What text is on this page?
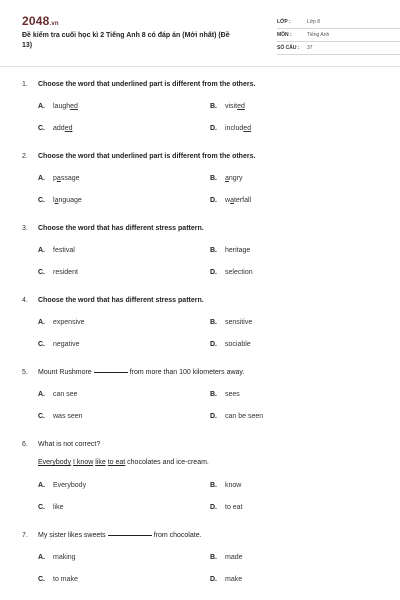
2048.vn
Đề kiểm tra cuối học kì 2 Tiếng Anh 8 có đáp án (Mới nhất) (Đề 13)
LỚP :	Lớp 8
MÔN :	Tiếng Anh
SỐ CÂU :	37
1.	Choose the word that underlined part is different from the others.
A.	laughed	B.	visited
C.	added	D.	included
2.	Choose the word that underlined part is different from the others.
A.	passage	B.	angry
C.	language	D.	waterfall
3.	Choose the word that has different stress pattern.
A.	festival	B.	heritage
C.	resident	D.	selection
4.	Choose the word that has different stress pattern.
A.	expensive	B.	sensitive
C.	negative	D.	sociable
5.	Mount Rushmore	from more than 100 kilometers away.
A.	can see	B.	sees
C.	was seen	D.	can be seen
6.	What is not correct?
Everybody I know like to eat chocolates and ice-cream.
A.	Everybody	B.	know
C.	like	D.	to eat
7.	My sister likes sweets	from chocolate.
A.	making	B.	made
C.	to make	D.	make
